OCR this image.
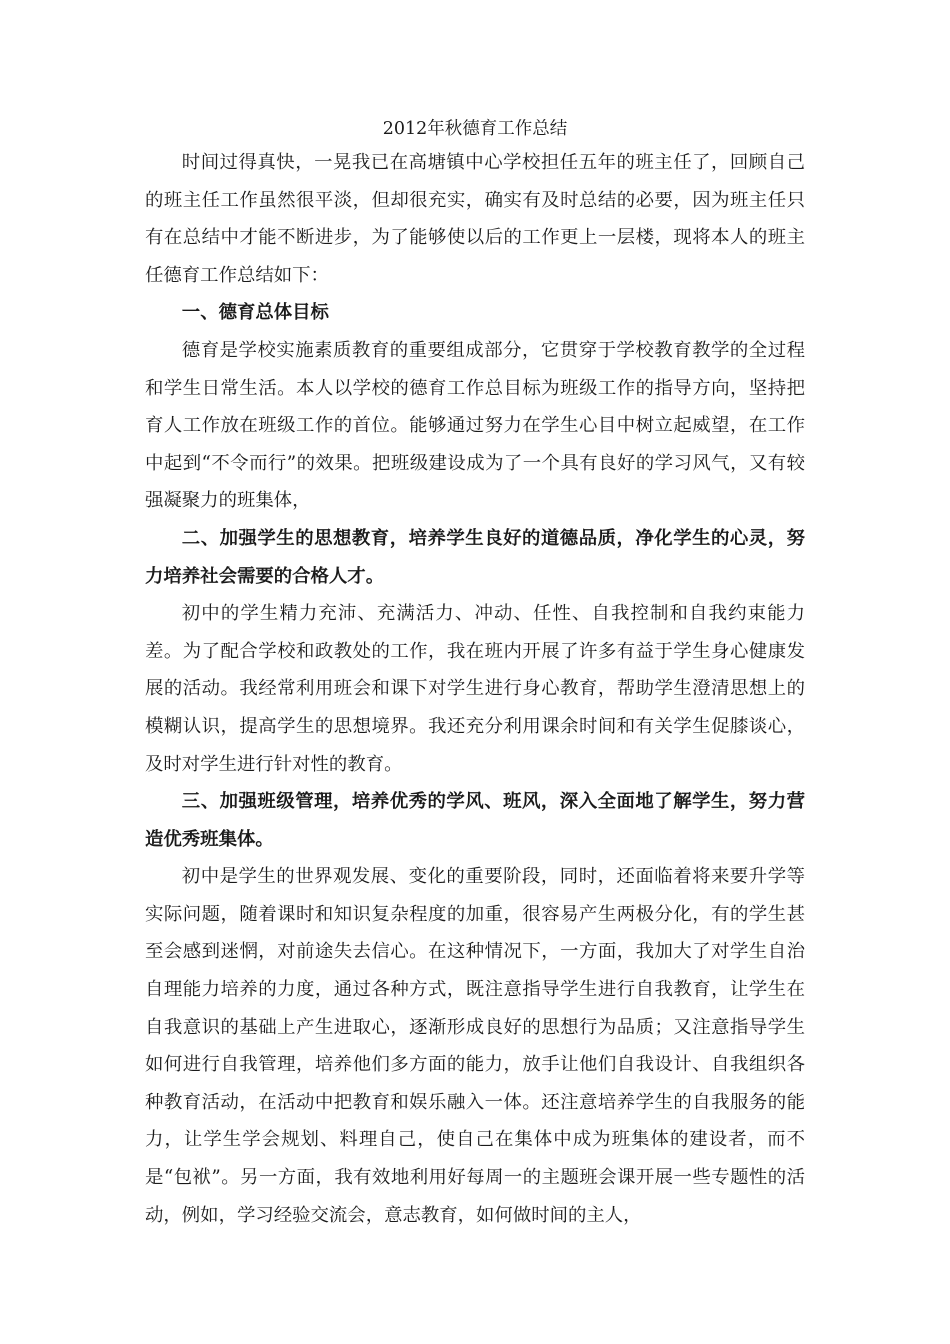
2012年秋德育工作总结

时间过得真快，一晃我已在高塘镇中心学校担任五年的班主任了，回顾自己的班主任工作虽然很平淡，但却很充实，确实有及时总结的必要，因为班主任只有在总结中才能不断进步，为了能够使以后的工作更上一层楼，现将本人的班主任德育工作总结如下：

一、德育总体目标

德育是学校实施素质教育的重要组成部分，它贯穿于学校教育教学的全过程和学生日常生活。本人以学校的德育工作总目标为班级工作的指导方向，坚持把育人工作放在班级工作的首位。能够通过努力在学生心目中树立起威望，在工作中起到“不令而行”的效果。把班级建设成为了一个具有良好的学习风气，又有较强凝聚力的班集体，

二、加强学生的思想教育，培养学生良好的道德品质，净化学生的心灵，努力培养社会需要的合格人才。

初中的学生精力充沛、充满活力、冲动、任性、自我控制和自我约束能力差。为了配合学校和政教处的工作，我在班内开展了许多有益于学生身心健康发展的活动。我经常利用班会和课下对学生进行身心教育，帮助学生澄清思想上的模糊认识，提高学生的思想境界。我还充分利用课余时间和有关学生促膝谈心，及时对学生进行针对性的教育。

三、加强班级管理，培养优秀的学风、班风，深入全面地了解学生，努力营造优秀班集体。

初中是学生的世界观发展、变化的重要阶段，同时，还面临着将来要升学等实际问题，随着课时和知识复杂程度的加重，很容易产生两极分化，有的学生甚至会感到迷惘，对前途失去信心。在这种情况下，一方面，我加大了对学生自治自理能力培养的力度，通过各种方式，既注意指导学生进行自我教育，让学生在自我意识的基础上产生进取心，逐渐形成良好的思想行为品质；又注意指导学生如何进行自我管理，培养他们多方面的能力，放手让他们自我设计、自我组织各种教育活动，在活动中把教育和娱乐融入一体。还注意培养学生的自我服务的能力，让学生学会规划、料理自己，使自己在集体中成为班集体的建设者，而不是“包袱”。另一方面，我有效地利用好每周一的主题班会课开展一些专题性的活动，例如，学习经验交流会，意志教育，如何做时间的主人，
